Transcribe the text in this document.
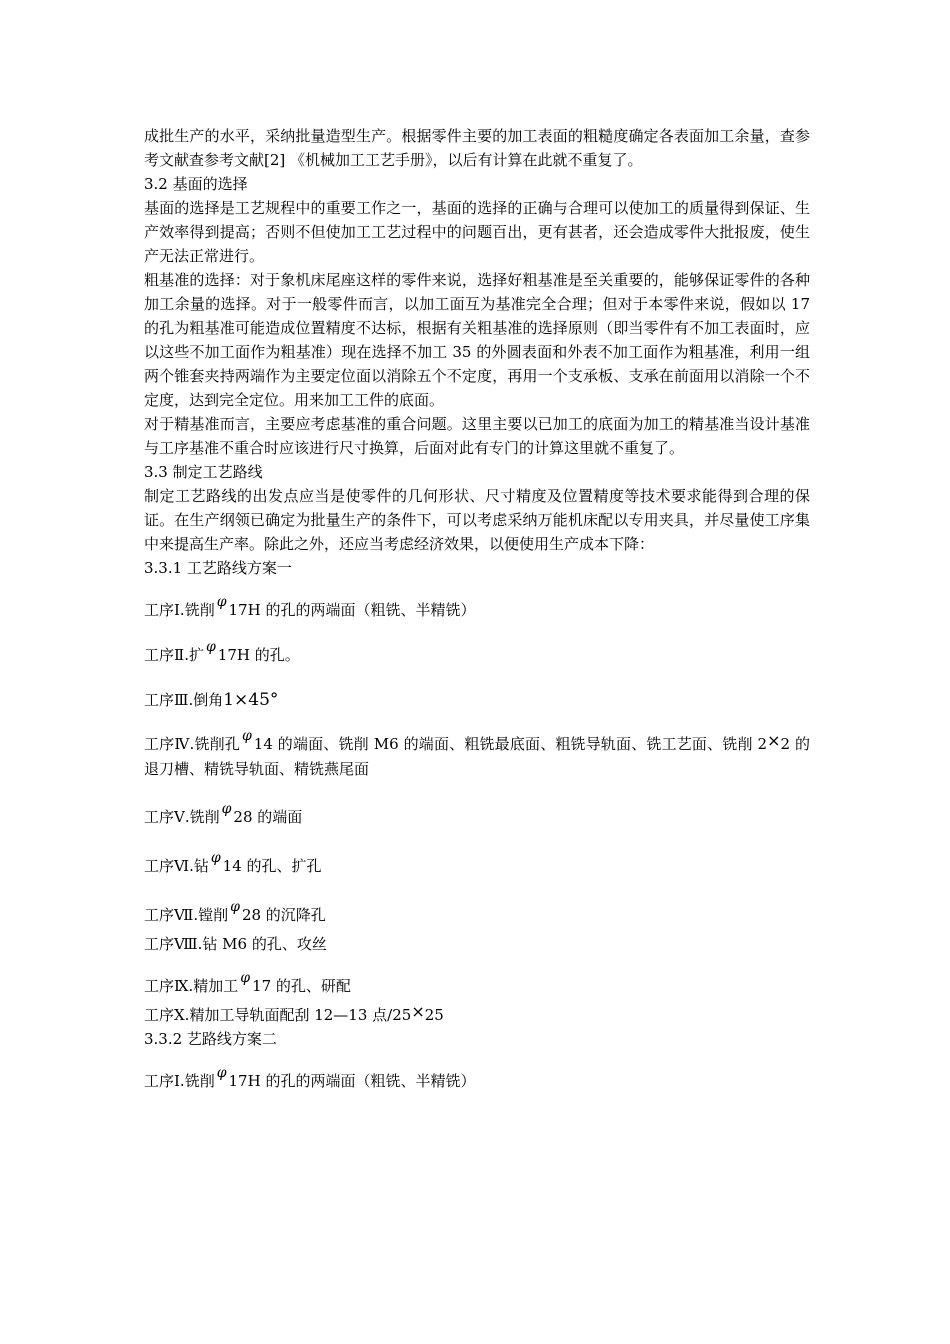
成批生产的水平，采纳批量造型生产。根据零件主要的加工表面的粗糙度确定各表面加工余量，查参考文献查参考文献[2] 《机械加工工艺手册》，以后有计算在此就不重复了。

3.2 基面的选择

基面的选择是工艺规程中的重要工作之一，基面的选择的正确与合理可以使加工的质量得到保证、生产效率得到提高；否则不但使加工工艺过程中的问题百出，更有甚者，还会造成零件大批报废，使生产无法正常进行。

粗基准的选择：对于象机床尾座这样的零件来说，选择好粗基准是至关重要的，能够保证零件的各种加工余量的选择。对于一般零件而言，以加工面互为基准完全合理；但对于本零件来说，假如以 17 的孔为粗基准可能造成位置精度不达标，根据有关粗基准的选择原则（即当零件有不加工表面时，应以这些不加工面作为粗基准）现在选择不加工 35 的外圆表面和外表不加工面作为粗基准，利用一组两个锥套夹持两端作为主要定位面以消除五个不定度，再用一个支承板、支承在前面用以消除一个不定度，达到完全定位。用来加工工件的底面。

对于精基准而言，主要应考虑基准的重合问题。这里主要以已加工的底面为加工的精基准当设计基准与工序基准不重合时应该进行尺寸换算，后面对此有专门的计算这里就不重复了。

3.3 制定工艺路线

制定工艺路线的出发点应当是使零件的几何形状、尺寸精度及位置精度等技术要求能得到合理的保证。在生产纲领已确定为批量生产的条件下，可以考虑采纳万能机床配以专用夹具，并尽量使工序集中来提高生产率。除此之外，还应当考虑经济效果，以便使用生产成本下降：

3.3.1 工艺路线方案一

工序Ⅰ.铣削 φ 17H 的孔的两端面（粗铣、半精铣）

工序Ⅱ.扩 φ 17H 的孔。

工序Ⅲ.倒角1×45°

工序Ⅳ.铣削孔 φ 14 的端面、铣削 M6 的端面、粗铣最底面、粗铣导轨面、铣工艺面、铣削 2×2 的退刀槽、精铣导轨面、精铣燕尾面

工序Ⅴ.铣削 φ 28 的端面

工序Ⅵ.钻 φ 14 的孔、扩孔

工序Ⅶ.镗削 φ 28 的沉降孔

工序Ⅷ.钻 M6 的孔、攻丝

工序Ⅸ.精加工 φ 17 的孔、研配

工序Ⅹ.精加工导轨面配刮 12—13 点/25×25

3.3.2 艺路线方案二

工序Ⅰ.铣削 φ 17H 的孔的两端面（粗铣、半精铣）
